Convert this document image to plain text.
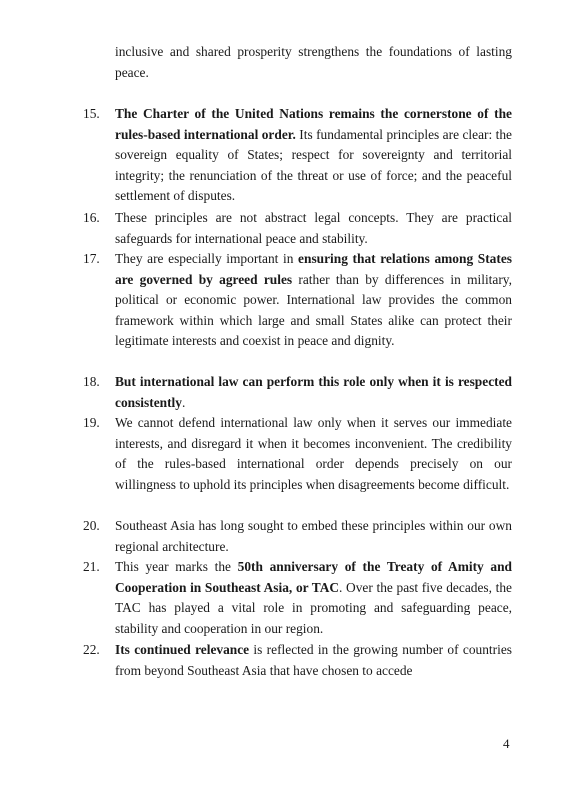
inclusive and shared prosperity strengthens the foundations of lasting peace.
15.	The Charter of the United Nations remains the cornerstone of the rules-based international order. Its fundamental principles are clear: the sovereign equality of States; respect for sovereignty and territorial integrity; the renunciation of the threat or use of force; and the peaceful settlement of disputes.
16.	These principles are not abstract legal concepts. They are practical safeguards for international peace and stability.
17.	They are especially important in ensuring that relations among States are governed by agreed rules rather than by differences in military, political or economic power. International law provides the common framework within which large and small States alike can protect their legitimate interests and coexist in peace and dignity.
18.	But international law can perform this role only when it is respected consistently.
19.	We cannot defend international law only when it serves our immediate interests, and disregard it when it becomes inconvenient. The credibility of the rules-based international order depends precisely on our willingness to uphold its principles when disagreements become difficult.
20.	Southeast Asia has long sought to embed these principles within our own regional architecture.
21.	This year marks the 50th anniversary of the Treaty of Amity and Cooperation in Southeast Asia, or TAC. Over the past five decades, the TAC has played a vital role in promoting and safeguarding peace, stability and cooperation in our region.
22.	Its continued relevance is reflected in the growing number of countries from beyond Southeast Asia that have chosen to accede
4
